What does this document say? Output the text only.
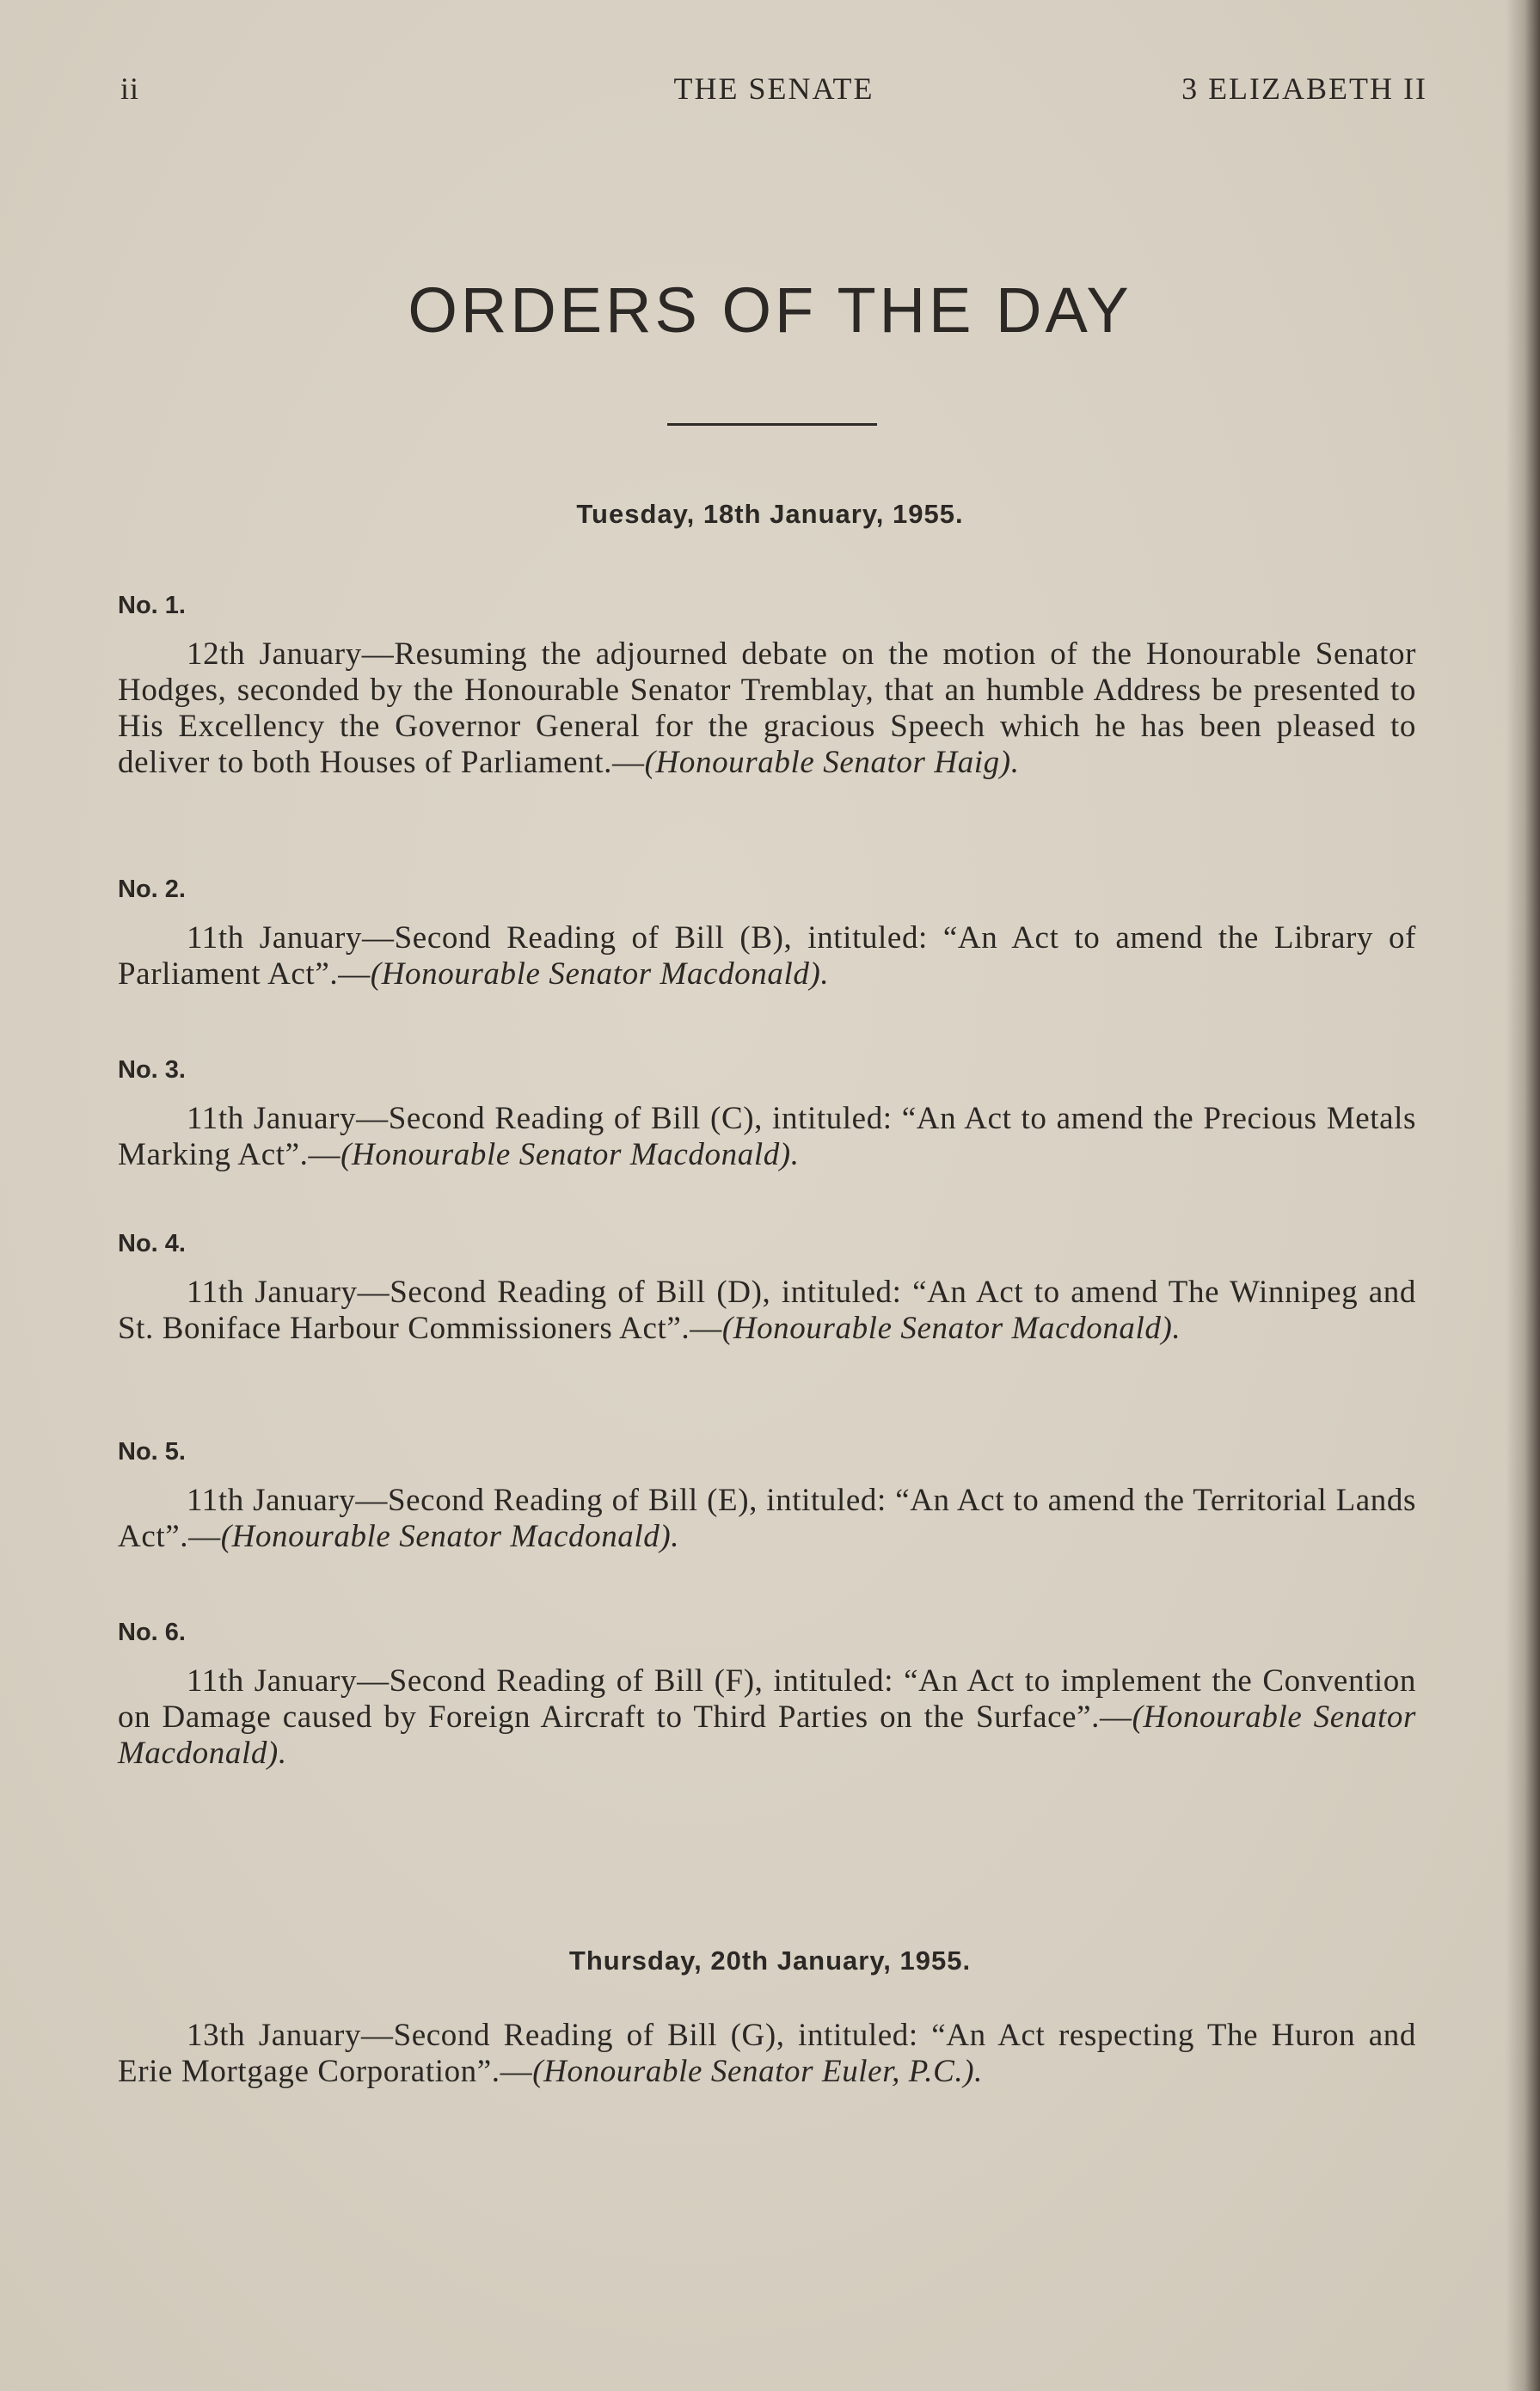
ii	THE SENATE	3 ELIZABETH II
ORDERS OF THE DAY
Tuesday, 18th January, 1955.
No. 1.

12th January—Resuming the adjourned debate on the motion of the Honourable Senator Hodges, seconded by the Honourable Senator Tremblay, that an humble Address be presented to His Excellency the Governor General for the gracious Speech which he has been pleased to deliver to both Houses of Parliament.—(Honourable Senator Haig).

No. 2.

11th January—Second Reading of Bill (B), intituled: “An Act to amend the Library of Parliament Act”.—(Honourable Senator Macdonald).

No. 3.

11th January—Second Reading of Bill (C), intituled: “An Act to amend the Precious Metals Marking Act”.—(Honourable Senator Macdonald).

No. 4.

11th January—Second Reading of Bill (D), intituled: “An Act to amend The Winnipeg and St. Boniface Harbour Commissioners Act”.—(Honourable Senator Macdonald).

No. 5.

11th January—Second Reading of Bill (E), intituled: “An Act to amend the Territorial Lands Act”.—(Honourable Senator Macdonald).

No. 6.

11th January—Second Reading of Bill (F), intituled: “An Act to implement the Convention on Damage caused by Foreign Aircraft to Third Parties on the Surface”.—(Honourable Senator Macdonald).

Thursday, 20th January, 1955.

13th January—Second Reading of Bill (G), intituled: “An Act respecting The Huron and Erie Mortgage Corporation”.—(Honourable Senator Euler, P.C.).
